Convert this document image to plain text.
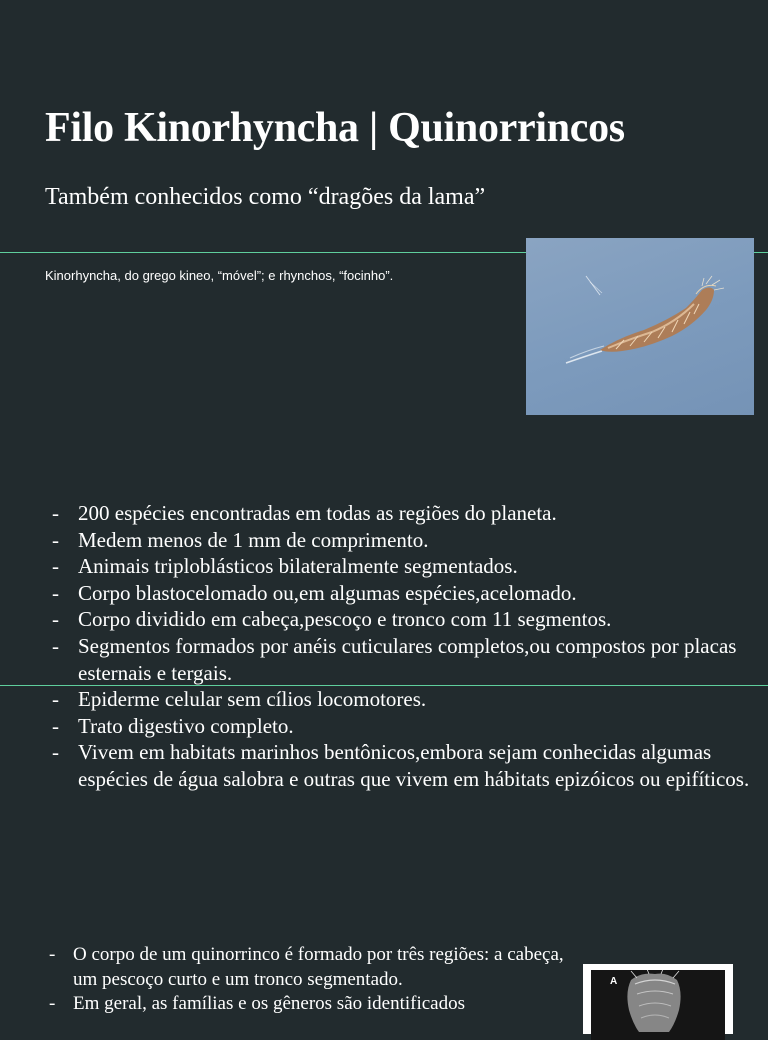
Filo Kinorhyncha | Quinorrincos

Também conhecidos como “dragões da lama”

Kinorhyncha, do grego kineo, “móvel”; e rhynchos, “focinho”.

- 200 espécies encontradas em todas as regiões do planeta.
- Medem menos de 1 mm de comprimento.
- Animais triploblásticos bilateralmente segmentados.
- Corpo blastocelomado ou,em algumas espécies,acelomado.
- Corpo dividido em cabeça,pescoço e tronco com 11 segmentos.
- Segmentos formados por anéis cuticulares completos,ou compostos por placas esternais e tergais.
- Epiderme celular sem cílios locomotores.
- Trato digestivo completo.
- Vivem em habitats marinhos bentônicos,embora sejam conhecidas algumas espécies de água salobra e outras que vivem em hábitats epizóicos ou epifíticos.
- O corpo de um quinorrinco é formado por três regiões: a cabeça, um pescoço curto e um tronco segmentado.
- Em geral, as famílias e os gêneros são identificados
A
